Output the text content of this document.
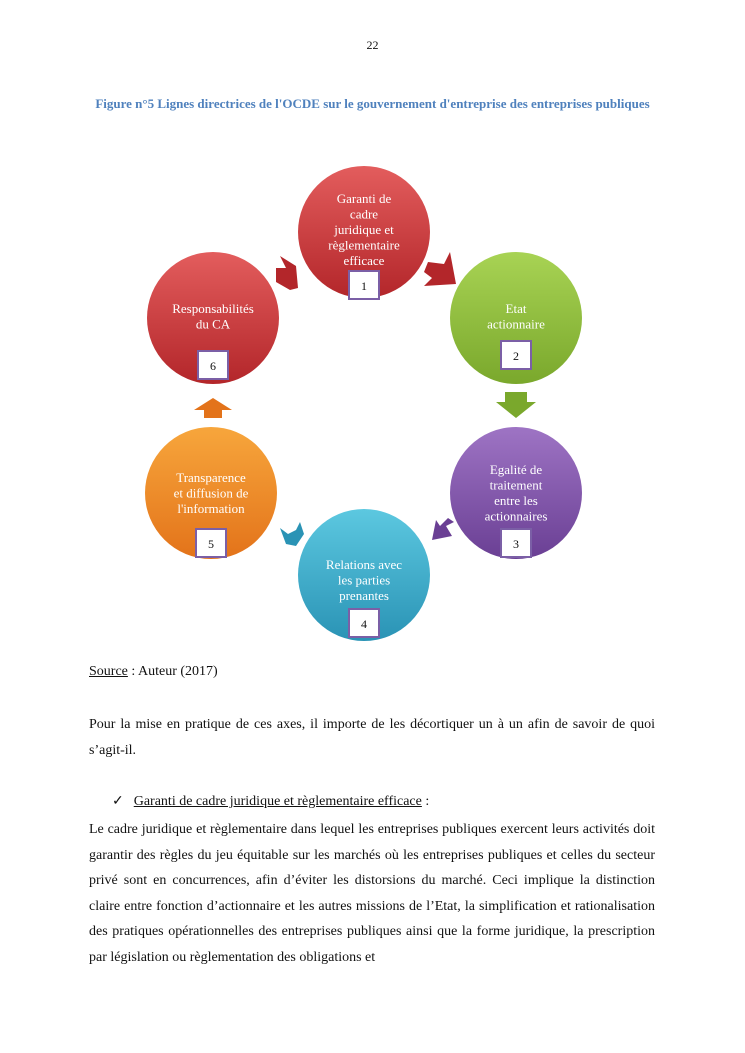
22
Figure n°5 Lignes directrices de l'OCDE sur le gouvernement d'entreprise des entreprises publiques
Garanti de
cadre
juridique et
règlementaire
efficace
1
Etat
actionnaire
2
Egalité de
traitement
entre les
actionnaires
3
Relations avec
les parties
prenantes
4
Transparence
et diffusion de
l'information
5
Responsabilités
du CA
6
Source : Auteur (2017)
Pour la mise en pratique de ces axes, il importe de les décortiquer un à un afin de savoir de quoi s’agit-il.
✓ Garanti de cadre juridique et règlementaire efficace :
Le cadre juridique et règlementaire dans lequel les entreprises publiques exercent leurs activités doit garantir des règles du jeu équitable sur les marchés où les entreprises publiques et celles du secteur privé sont en concurrences, afin d’éviter les distorsions du marché. Ceci implique la distinction claire entre fonction d’actionnaire et les autres missions de l’Etat, la simplification et rationalisation des pratiques opérationnelles des entreprises publiques ainsi que la forme juridique, la prescription par législation ou règlementation des obligations et
